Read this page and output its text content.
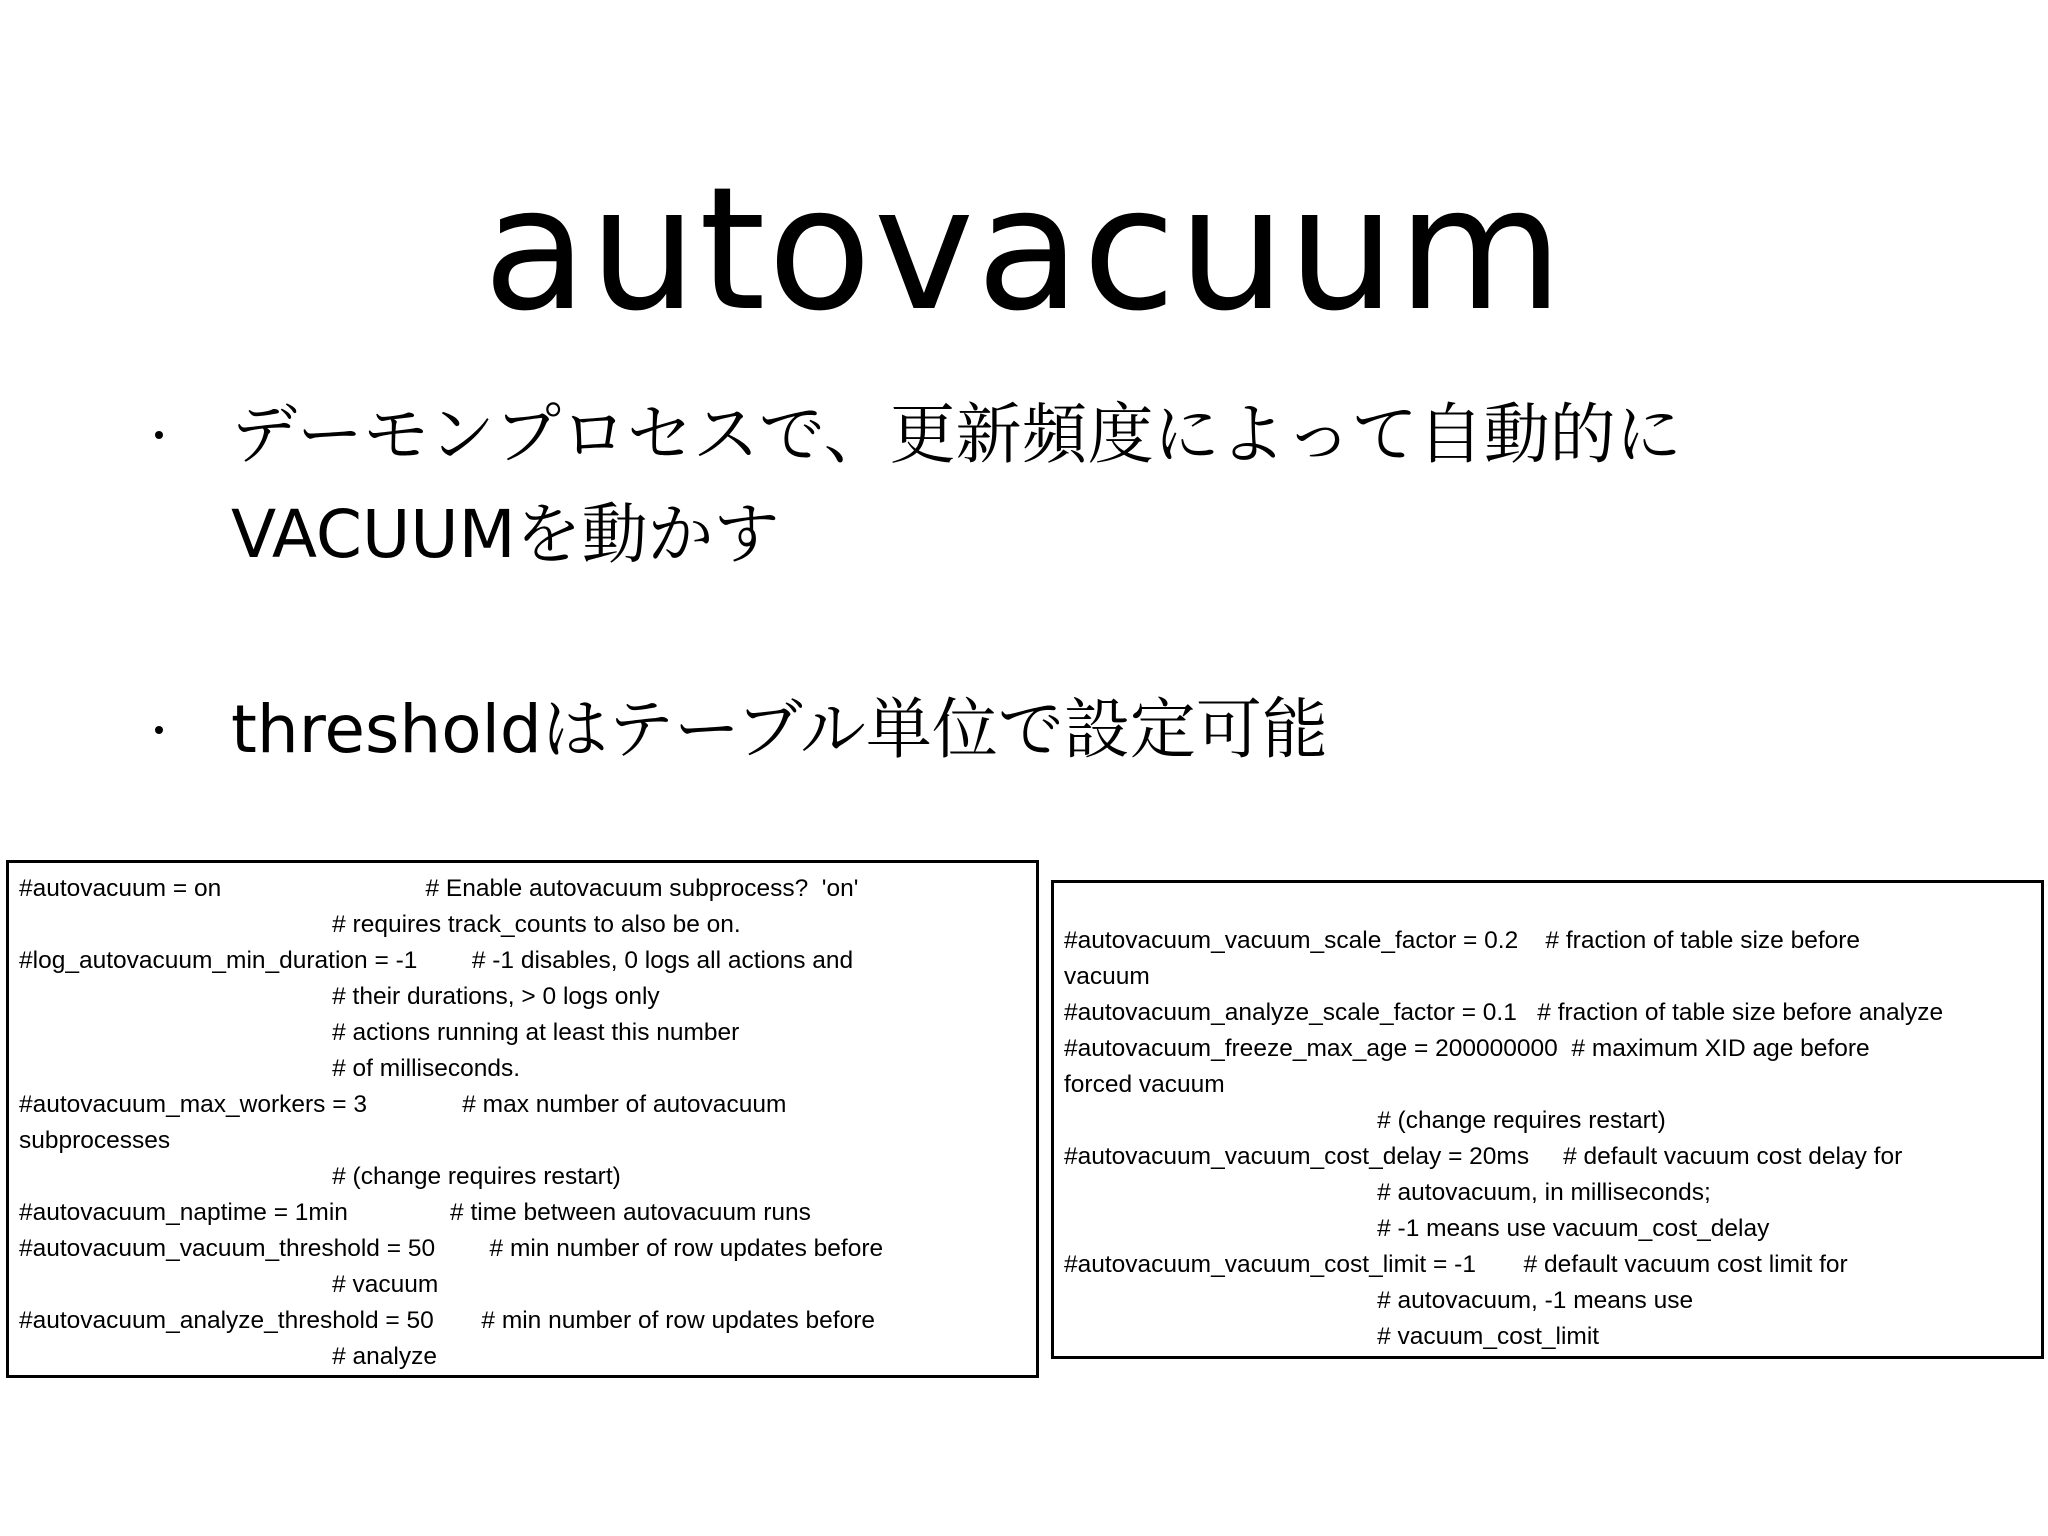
autovacuum
デーモンプロセスで、更新頻度によって自動的に
VACUUMを動かす
thresholdはテーブル単位で設定可能
#autovacuum = on                              # Enable autovacuum subprocess?  'on'
# requires track_counts to also be on.
#log_autovacuum_min_duration = -1        # -1 disables, 0 logs all actions and
# their durations, > 0 logs only
# actions running at least this number
# of milliseconds.
#autovacuum_max_workers = 3              # max number of autovacuum
subprocesses
# (change requires restart)
#autovacuum_naptime = 1min               # time between autovacuum runs
#autovacuum_vacuum_threshold = 50        # min number of row updates before
# vacuum
#autovacuum_analyze_threshold = 50       # min number of row updates before
# analyze
#autovacuum_vacuum_scale_factor = 0.2    # fraction of table size before
vacuum
#autovacuum_analyze_scale_factor = 0.1   # fraction of table size before analyze
#autovacuum_freeze_max_age = 200000000  # maximum XID age before
forced vacuum
# (change requires restart)
#autovacuum_vacuum_cost_delay = 20ms     # default vacuum cost delay for
# autovacuum, in milliseconds;
# -1 means use vacuum_cost_delay
#autovacuum_vacuum_cost_limit = -1       # default vacuum cost limit for
# autovacuum, -1 means use
# vacuum_cost_limit
